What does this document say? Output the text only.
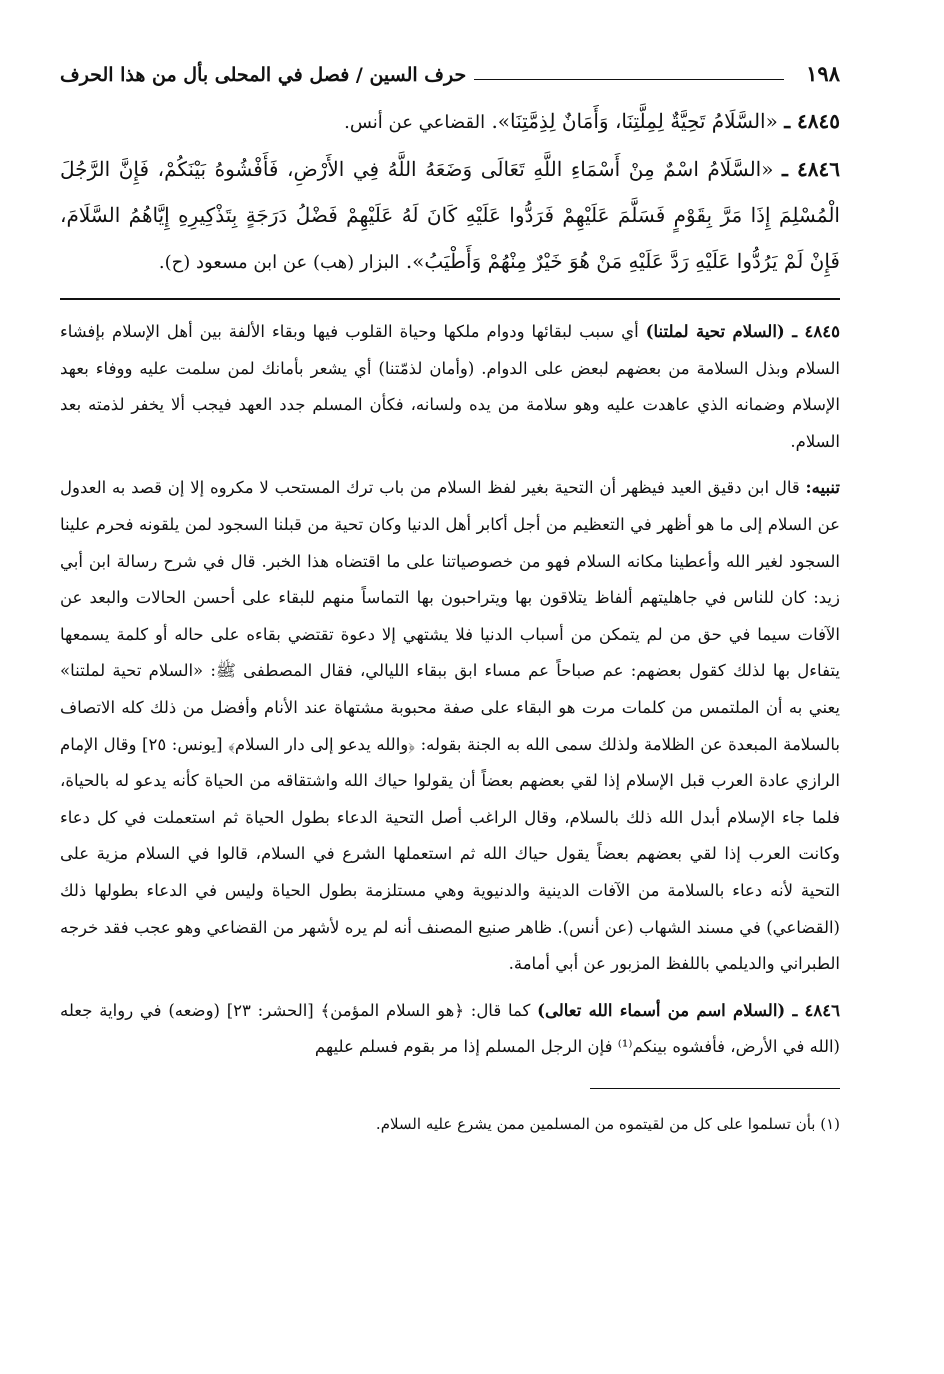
١٩٨
حرف السين / فصل في المحلى بأل من هذا الحرف

٤٨٤٥ ـ «السَّلَامُ تَحِيَّةٌ لِمِلَّتِنَا، وَأَمَانٌ لِذِمَّتِنَا». القضاعي عن أنس.

٤٨٤٦ ـ «السَّلَامُ اسْمٌ مِنْ أَسْمَاءِ اللَّهِ تَعَالَى وَضَعَهُ اللَّهُ فِي الأَرْضِ، فَأَفْشُوهُ بَيْنَكُمْ، فَإِنَّ الرَّجُلَ الْمُسْلِمَ إِذَا مَرَّ بِقَوْمٍ فَسَلَّمَ عَلَيْهِمْ فَرَدُّوا عَلَيْهِ كَانَ لَهُ عَلَيْهِمْ فَضْلُ دَرَجَةٍ بِتَذْكِيرِهِ إِيَّاهُمُ السَّلَامَ، فَإِنْ لَمْ يَرُدُّوا عَلَيْهِ رَدَّ عَلَيْهِ مَنْ هُوَ خَيْرٌ مِنْهُمْ وَأَطْيَبُ». البزار (هب) عن ابن مسعود (ح).

٤٨٤٥ ـ (السلام تحية لملتنا) أي سبب لبقائها ودوام ملكها وحياة القلوب فيها وبقاء الألفة بين أهل الإسلام بإفشاء السلام وبذل السلامة من بعضهم لبعض على الدوام. (وأمان لذمّتنا) أي يشعر بأمانك لمن سلمت عليه ووفاء بعهد الإسلام وضمانه الذي عاهدت عليه وهو سلامة من يده ولسانه، فكأن المسلم جدد العهد فيجب ألا يخفر لذمته بعد السلام.

تنبيه: قال ابن دقيق العيد فيظهر أن التحية بغير لفظ السلام من باب ترك المستحب لا مكروه إلا إن قصد به العدول عن السلام إلى ما هو أظهر في التعظيم من أجل أكابر أهل الدنيا وكان تحية من قبلنا السجود لمن يلقونه فحرم علينا السجود لغير الله وأعطينا مكانه السلام فهو من خصوصياتنا على ما اقتضاه هذا الخبر. قال في شرح رسالة ابن أبي زيد: كان للناس في جاهليتهم ألفاظ يتلاقون بها ويتراحبون بها التماساً منهم للبقاء على أحسن الحالات والبعد عن الآفات سيما في حق من لم يتمكن من أسباب الدنيا فلا يشتهي إلا دعوة تقتضي بقاءه على حاله أو كلمة يسمعها يتفاءل بها لذلك كقول بعضهم: عم صباحاً عم مساء ابق ببقاء الليالي، فقال المصطفى ﷺ: «السلام تحية لملتنا» يعني به أن الملتمس من كلمات مرت هو البقاء على صفة محبوبة مشتهاة عند الأنام وأفضل من ذلك كله الاتصاف بالسلامة المبعدة عن الظلامة ولذلك سمى الله به الجنة بقوله: ﴿والله يدعو إلى دار السلام﴾ [يونس: ٢٥] وقال الإمام الرازي عادة العرب قبل الإسلام إذا لقي بعضهم بعضاً أن يقولوا حياك الله واشتقاقه من الحياة كأنه يدعو له بالحياة، فلما جاء الإسلام أبدل الله ذلك بالسلام، وقال الراغب أصل التحية الدعاء بطول الحياة ثم استعملت في كل دعاء وكانت العرب إذا لقي بعضهم بعضاً يقول حياك الله ثم استعملها الشرع في السلام، قالوا في السلام مزية على التحية لأنه دعاء بالسلامة من الآفات الدينية والدنيوية وهي مستلزمة بطول الحياة وليس في الدعاء بطولها ذلك (القضاعي) في مسند الشهاب (عن أنس). ظاهر صنيع المصنف أنه لم يره لأشهر من القضاعي وهو عجب فقد خرجه الطبراني والديلمي باللفظ المزبور عن أبي أمامة.

٤٨٤٦ ـ (السلام اسم من أسماء الله تعالى) كما قال: ﴿هو السلام المؤمن﴾ [الحشر: ٢٣] (وضعه) في رواية جعله (الله في الأرض، فأفشوه بينكم⁽¹⁾ فإن الرجل المسلم إذا مر بقوم فسلم عليهم

(١) بأن تسلموا على كل من لقيتموه من المسلمين ممن يشرع عليه السلام.
